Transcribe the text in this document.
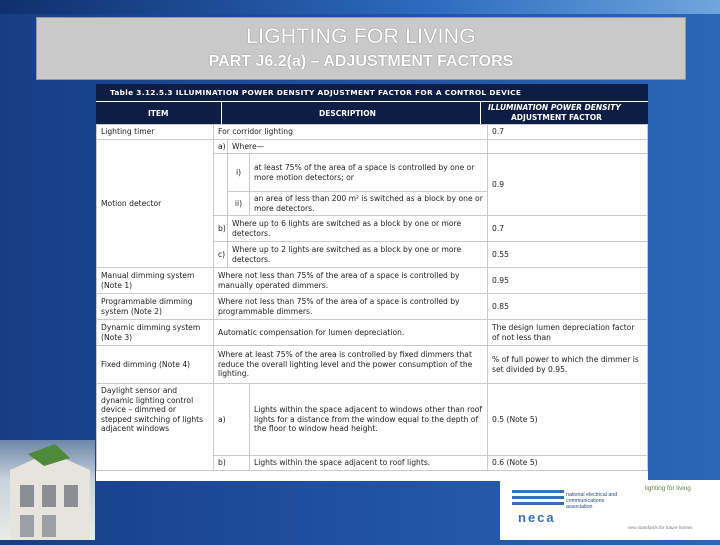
LIGHTING FOR LIVING
PART J6.2(a) – ADJUSTMENT FACTORS
Table 3.12.5.3 ILLUMINATION POWER DENSITY ADJUSTMENT FACTOR FOR A CONTROL DEVICE
ITEM	DESCRIPTION
ILLUMINATION POWER DENSITY
ADJUSTMENT FACTOR
Lighting timer	For corridor lighting			0.7
Motion detector	a)	Where—		
		i)	at least 75% of the area of a space is controlled by one or more motion detectors; or	0.9
		ii)	an area of less than 200 m² is switched as a block by one or more detectors.	
	b)	Where up to 6 lights are switched as a block by one or more detectors.		0.7
	c)	Where up to 2 lights are switched as a block by one or more detectors.		0.55
Manual dimming system (Note 1)	Where not less than 75% of the area of a space is controlled by manually operated dimmers.			0.95
Programmable dimming system (Note 2)	Where not less than 75% of the area of a space is controlled by programmable dimmers.			0.85
Dynamic dimming system (Note 3)	Automatic compensation for lumen depreciation.			The design lumen depreciation factor of not less than
Fixed dimming (Note 4)	Where at least 75% of the area is controlled by fixed dimmers that reduce the overall lighting level and the power consumption of the lighting.			% of full power to which the dimmer is set divided by 0.95.
Daylight sensor and dynamic lighting control device – dimmed or stepped switching of lights adjacent windows	a)		Lights within the space adjacent to windows other than roof lights for a distance from the window equal to the depth of the floor to window head height.	0.5 (Note 5)
	b)		Lights within the space adjacent to roof lights.	0.6 (Note 5)
neca
national electrical and communications association
lighting for living
new standards for future homes
